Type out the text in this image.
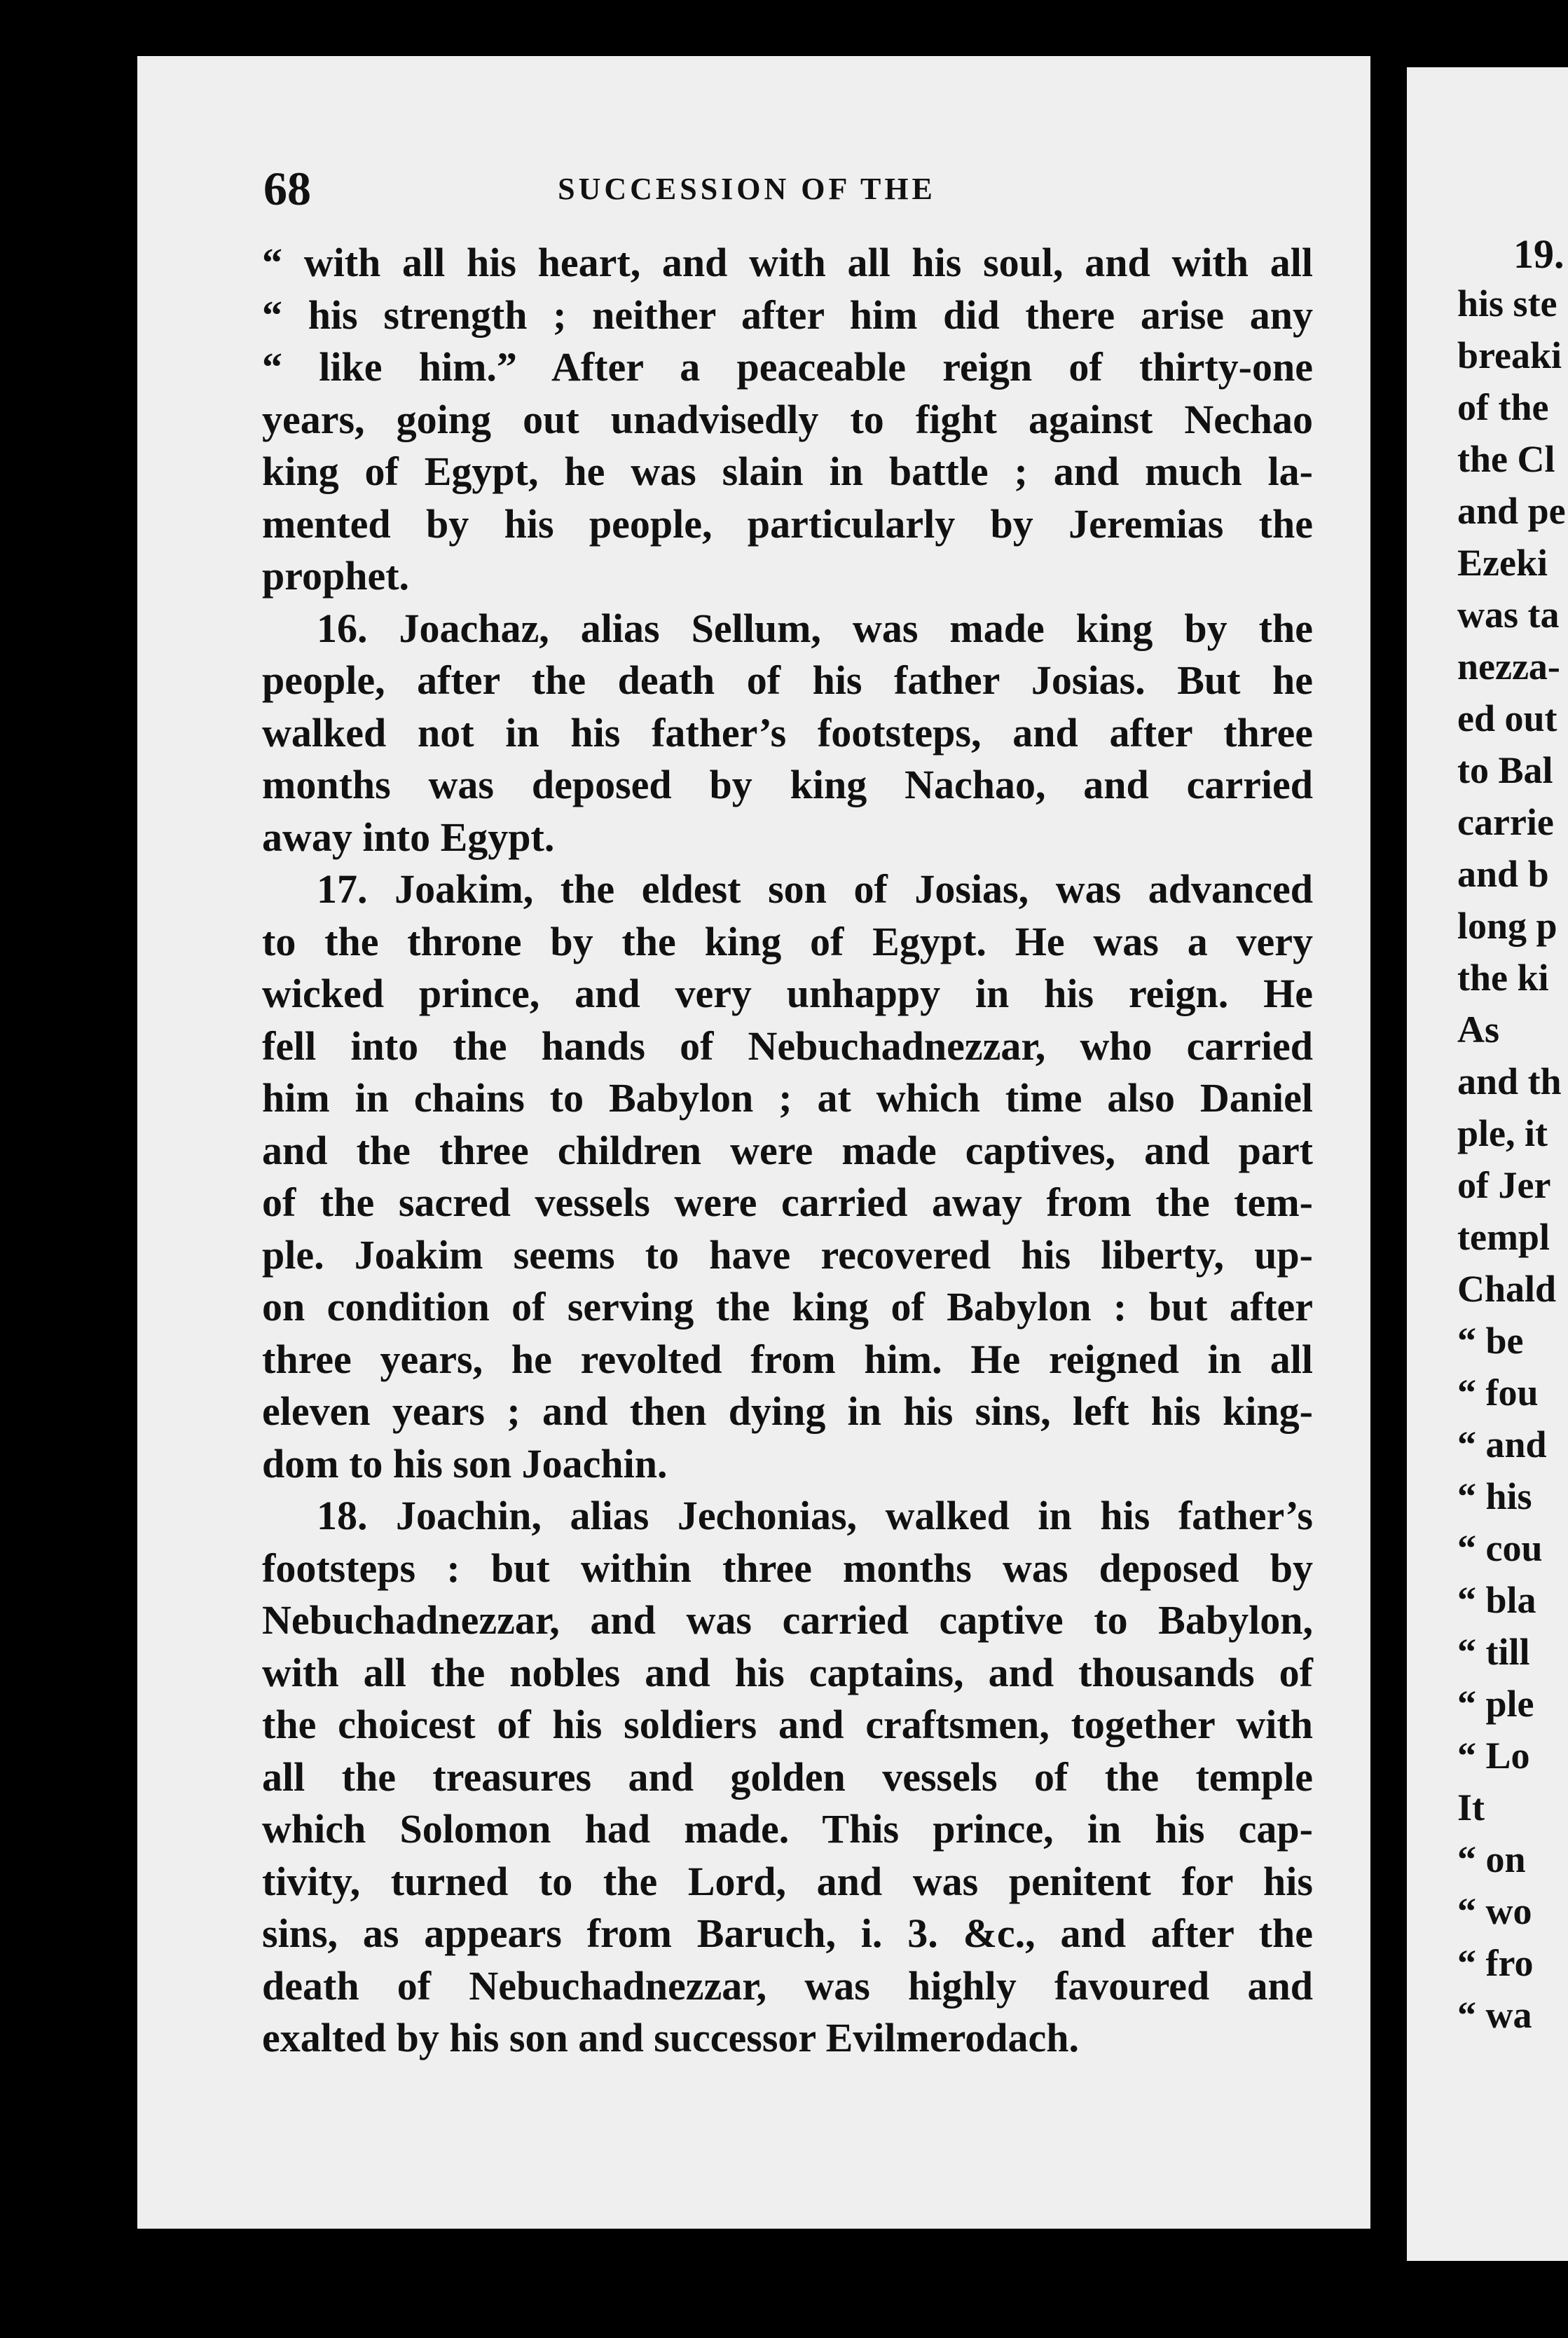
68	SUCCESSION OF THE
“ with all his heart, and with all his soul, and with all
“ his strength ; neither after him did there arise any
“ like him.” After a peaceable reign of thirty-one
years, going out unadvisedly to fight against Nechao
king of Egypt, he was slain in battle ; and much la-
mented by his people, particularly by Jeremias the
prophet.
16. Joachaz, alias Sellum, was made king by the
people, after the death of his father Josias. But he
walked not in his father’s footsteps, and after three
months was deposed by king Nachao, and carried
away into Egypt.
17. Joakim, the eldest son of Josias, was advanced
to the throne by the king of Egypt. He was a very
wicked prince, and very unhappy in his reign. He
fell into the hands of Nebuchadnezzar, who carried
him in chains to Babylon ; at which time also Daniel
and the three children were made captives, and part
of the sacred vessels were carried away from the tem-
ple. Joakim seems to have recovered his liberty, up-
on condition of serving the king of Babylon : but after
three years, he revolted from him. He reigned in all
eleven years ; and then dying in his sins, left his king-
dom to his son Joachin.
18. Joachin, alias Jechonias, walked in his father’s
footsteps : but within three months was deposed by
Nebuchadnezzar, and was carried captive to Babylon,
with all the nobles and his captains, and thousands of
the choicest of his soldiers and craftsmen, together with
all the treasures and golden vessels of the temple
which Solomon had made. This prince, in his cap-
tivity, turned to the Lord, and was penitent for his
sins, as appears from Baruch, i. 3. &c., and after the
death of Nebuchadnezzar, was highly favoured and
exalted by his son and successor Evilmerodach.
19.
his ste
breaki
of the
the Cl
and pe
Ezeki
was ta
nezza-
ed out
to Bal
carrie
and b
long p
the ki
As
and th
ple, it
of Jer
templ
Chald
“ be
“ fou
“ and
“ his
“ cou
“ bla
“ till
“ ple
“ Lo
It
“ on
“ wo
“ fro
“ wa
